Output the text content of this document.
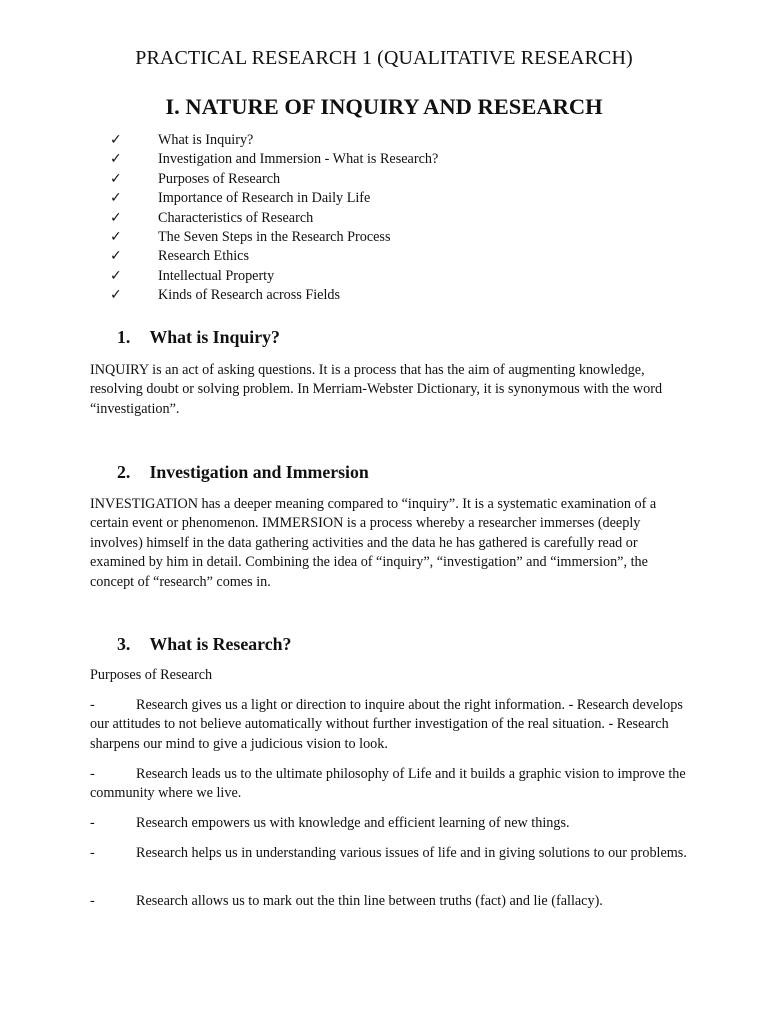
PRACTICAL RESEARCH 1 (QUALITATIVE RESEARCH)
I. NATURE OF INQUIRY AND RESEARCH
✓	What is Inquiry?
✓	Investigation and Immersion - What is Research?
✓	Purposes of Research
✓	Importance of Research in Daily Life
✓	Characteristics of Research
✓	The Seven Steps in the Research Process
✓	Research Ethics
✓	Intellectual Property
✓	Kinds of Research across Fields
1. What is Inquiry?

INQUIRY is an act of asking questions. It is a process that has the aim of augmenting knowledge, resolving doubt or solving problem. In Merriam-Webster Dictionary, it is synonymous with the word “investigation”.

2. Investigation and Immersion

INVESTIGATION has a deeper meaning compared to “inquiry”. It is a systematic examination of a certain event or phenomenon. IMMERSION is a process whereby a researcher immerses (deeply involves) himself in the data gathering activities and the data he has gathered is carefully read or examined by him in detail. Combining the idea of “inquiry”, “investigation” and “immersion”, the concept of “research” comes in.

3. What is Research?
Purposes of Research

-	Research gives us a light or direction to inquire about the right information. - Research develops our attitudes to not believe automatically without further investigation of the real situation. - Research sharpens our mind to give a judicious vision to look.

-	Research leads us to the ultimate philosophy of Life and it builds a graphic vision to improve the community where we live.

-	Research empowers us with knowledge and efficient learning of new things.

-	Research helps us in understanding various issues of life and in giving solutions to our problems.

-	Research allows us to mark out the thin line between truths (fact) and lie (fallacy).
